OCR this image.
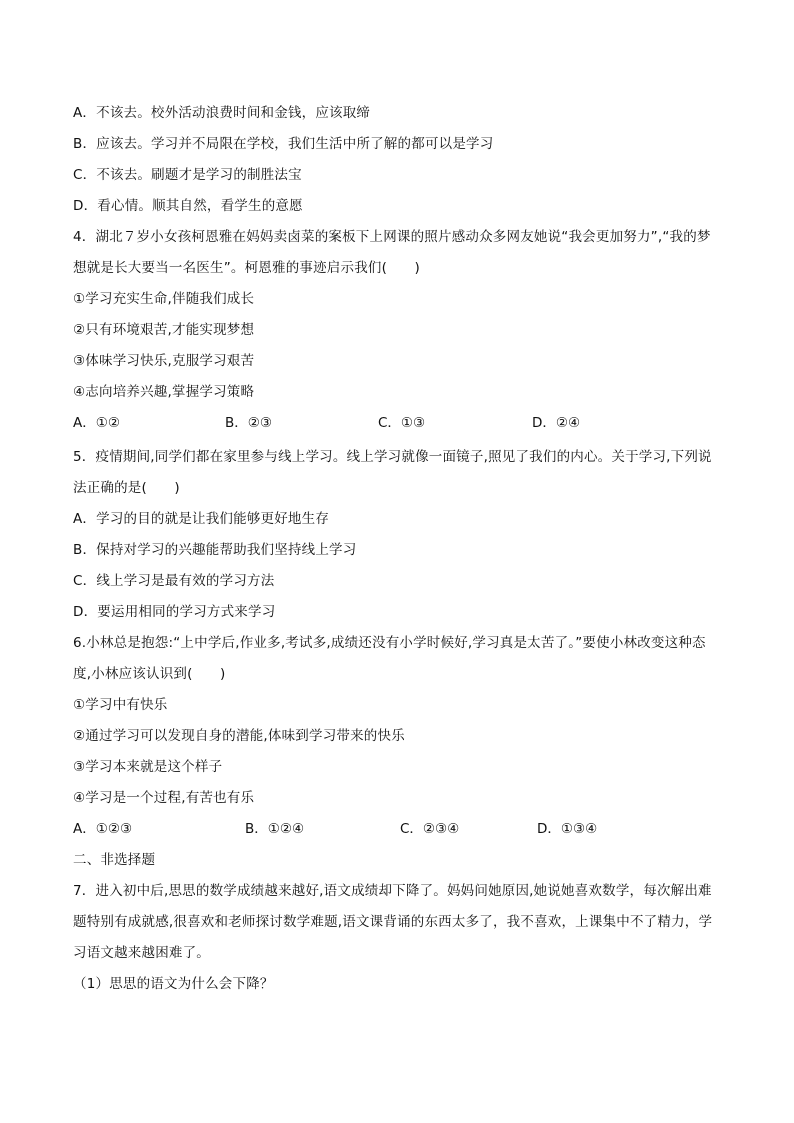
A．不该去。校外活动浪费时间和金钱，应该取缔
B．应该去。学习并不局限在学校，我们生活中所了解的都可以是学习
C．不该去。刷题才是学习的制胜法宝
D．看心情。顺其自然，看学生的意愿
4．湖北７岁小女孩柯恩雅在妈妈卖卤菜的案板下上网课的照片感动众多网友她说“我会更加努力”,“我的梦
想就是长大要当一名医生”。柯恩雅的事迹启示我们(　　)
①学习充实生命,伴随我们成长
②只有环境艰苦,才能实现梦想
③体味学习快乐,克服学习艰苦
④志向培养兴趣,掌握学习策略
A．①②	B．②③	C．①③	D．②④
5．疫情期间,同学们都在家里参与线上学习。线上学习就像一面镜子,照见了我们的内心。关于学习,下列说
法正确的是(　　)
A．学习的目的就是让我们能够更好地生存
B．保持对学习的兴趣能帮助我们坚持线上学习
C．线上学习是最有效的学习方法
D．要运用相同的学习方式来学习
6.小林总是抱怨:“上中学后,作业多,考试多,成绩还没有小学时候好,学习真是太苦了。”要使小林改变这种态
度,小林应该认识到(　　)
①学习中有快乐
②通过学习可以发现自身的潜能,体味到学习带来的快乐
③学习本来就是这个样子
④学习是一个过程,有苦也有乐
A．①②③	B．①②④	C．②③④	D．①③④
二、非选择题
7．进入初中后,思思的数学成绩越来越好,语文成绩却下降了。妈妈问她原因,她说她喜欢数学，每次解出难
题特别有成就感,很喜欢和老师探讨数学难题,语文课背诵的东西太多了，我不喜欢，上课集中不了精力，学
习语文越来越困难了。
（1）思思的语文为什么会下降？
